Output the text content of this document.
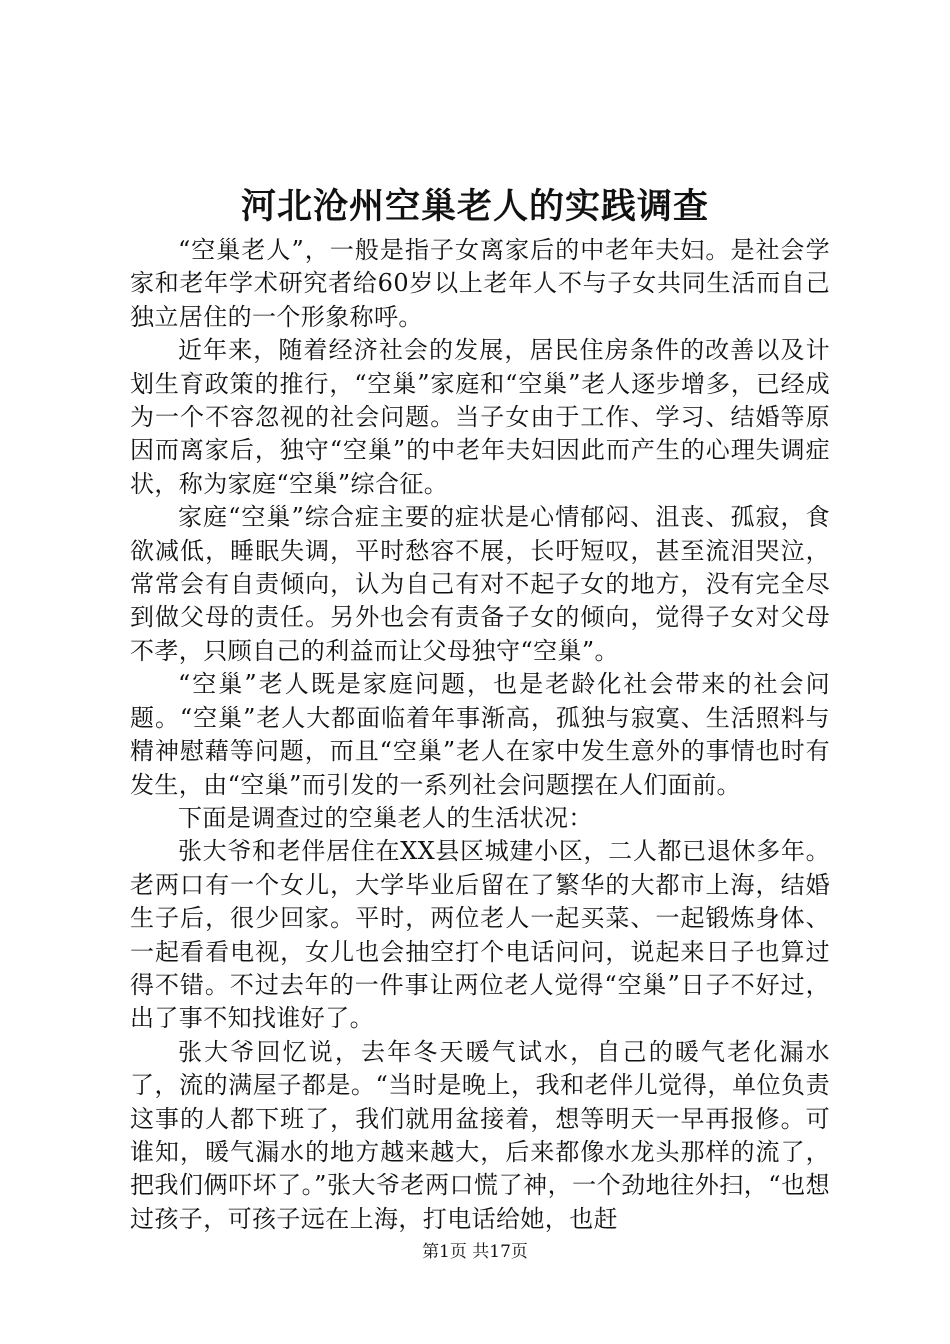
河北沧州空巢老人的实践调查

“空巢老人”，一般是指子女离家后的中老年夫妇。是社会学家和老年学术研究者给60岁以上老年人不与子女共同生活而自己独立居住的一个形象称呼。

近年来，随着经济社会的发展，居民住房条件的改善以及计划生育政策的推行，“空巢”家庭和“空巢”老人逐步增多，已经成为一个不容忽视的社会问题。当子女由于工作、学习、结婚等原因而离家后，独守“空巢”的中老年夫妇因此而产生的心理失调症状，称为家庭“空巢”综合征。

家庭“空巢”综合症主要的症状是心情郁闷、沮丧、孤寂，食欲减低，睡眠失调，平时愁容不展，长吁短叹，甚至流泪哭泣，常常会有自责倾向，认为自己有对不起子女的地方，没有完全尽到做父母的责任。另外也会有责备子女的倾向，觉得子女对父母不孝，只顾自己的利益而让父母独守“空巢”。

“空巢”老人既是家庭问题，也是老龄化社会带来的社会问题。“空巢”老人大都面临着年事渐高，孤独与寂寞、生活照料与精神慰藉等问题，而且“空巢”老人在家中发生意外的事情也时有发生，由“空巢”而引发的一系列社会问题摆在人们面前。

下面是调查过的空巢老人的生活状况：

张大爷和老伴居住在XX县区城建小区，二人都已退休多年。老两口有一个女儿，大学毕业后留在了繁华的大都市上海，结婚生子后，很少回家。平时，两位老人一起买菜、一起锻炼身体、一起看看电视，女儿也会抽空打个电话问问，说起来日子也算过得不错。不过去年的一件事让两位老人觉得“空巢”日子不好过，出了事不知找谁好了。

张大爷回忆说，去年冬天暖气试水，自己的暖气老化漏水了，流的满屋子都是。“当时是晚上，我和老伴儿觉得，单位负责这事的人都下班了，我们就用盆接着，想等明天一早再报修。可谁知，暖气漏水的地方越来越大，后来都像水龙头那样的流了，把我们俩吓坏了。”张大爷老两口慌了神，一个劲地往外扫，“也想过孩子，可孩子远在上海，打电话给她，也赶

第1页 共17页
